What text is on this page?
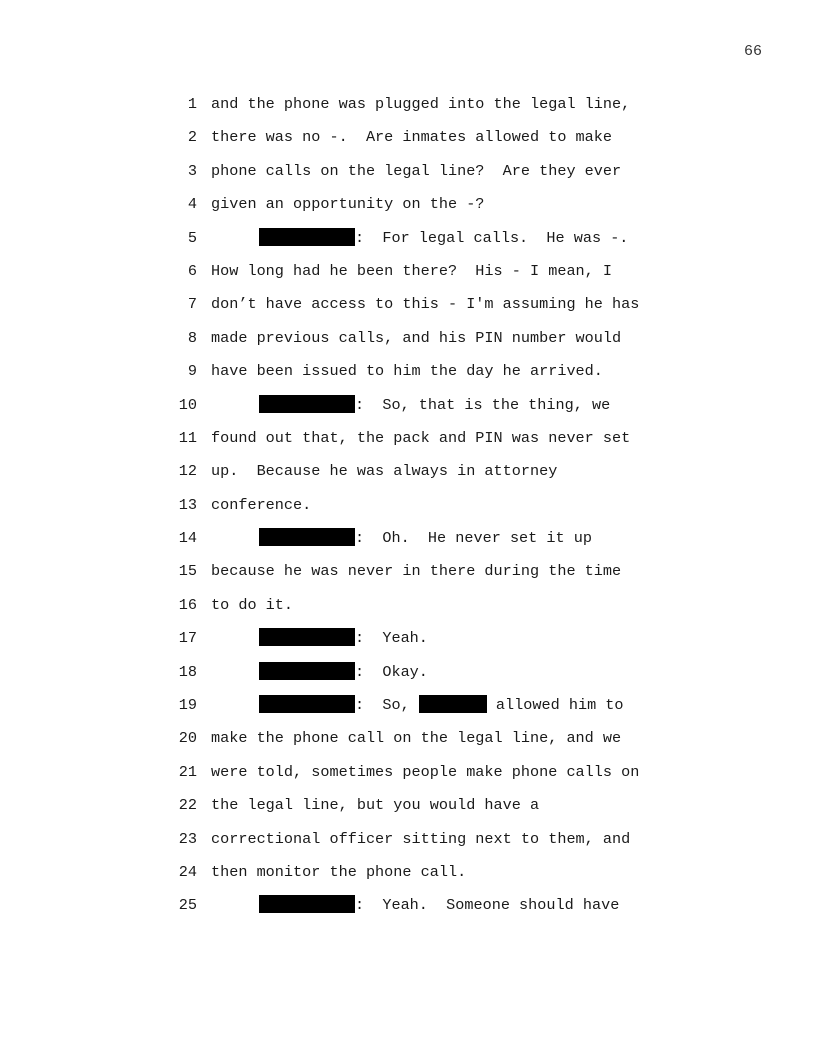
66
1 and the phone was plugged into the legal line,
2 there was no -.  Are inmates allowed to make
3 phone calls on the legal line?  Are they ever
4 given an opportunity on the -?
5	:  For legal calls.  He was -.
6 How long had he been there?  His - I mean, I
7 don’t have access to this - I'm assuming he has
8 made previous calls, and his PIN number would
9 have been issued to him the day he arrived.
10	:  So, that is the thing, we
11 found out that, the pack and PIN was never set
12 up.  Because he was always in attorney
13 conference.
14	:  Oh.  He never set it up
15 because he was never in there during the time
16 to do it.
17	:  Yeah.
18	:  Okay.
19	:  So,	allowed him to
20 make the phone call on the legal line, and we
21 were told, sometimes people make phone calls on
22 the legal line, but you would have a
23 correctional officer sitting next to them, and
24 then monitor the phone call.
25	:  Yeah.  Someone should have
